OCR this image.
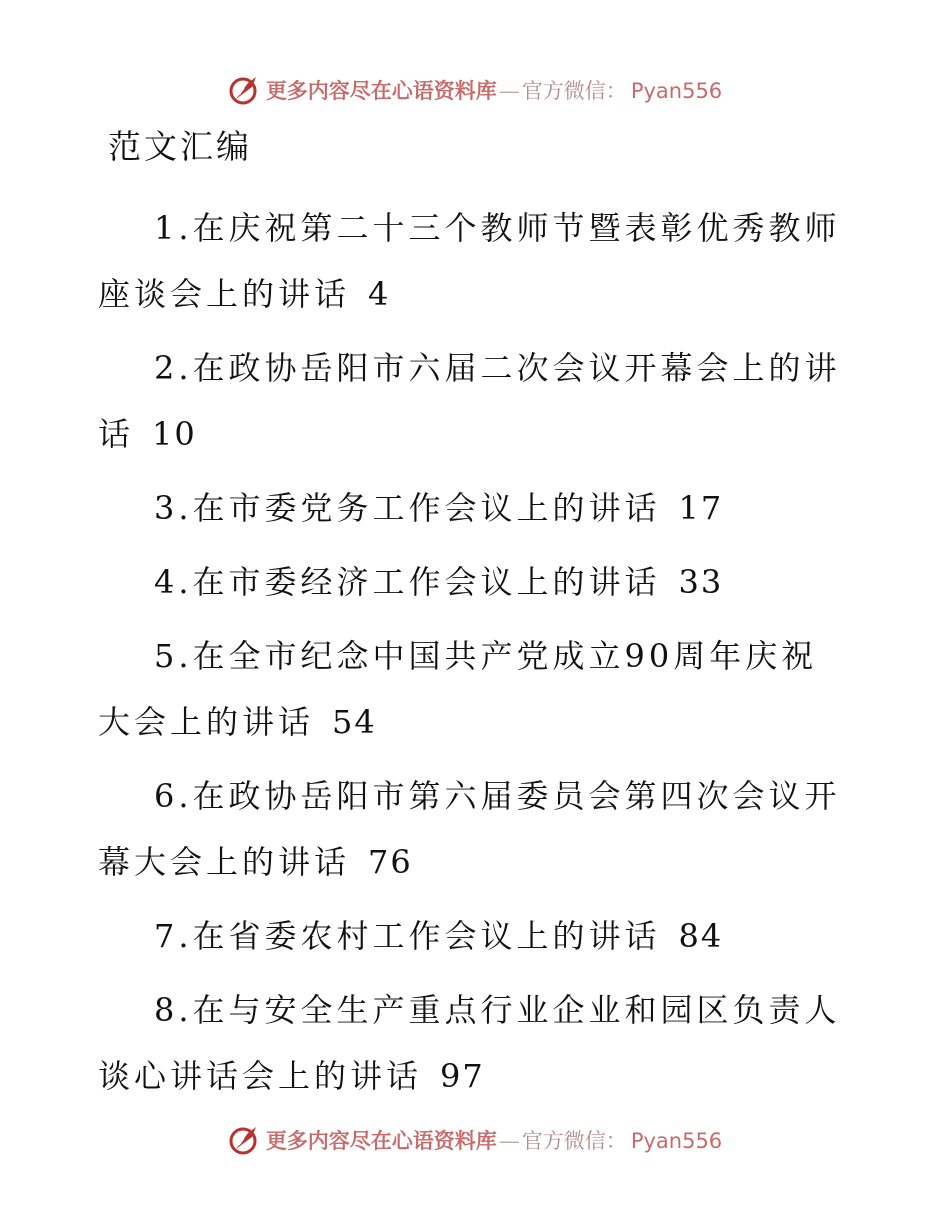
更多内容尽在心语资料库—官方微信： Pyan556
范文汇编
1.在庆祝第二十三个教师节暨表彰优秀教师座谈会上的讲话 4
2.在政协岳阳市六届二次会议开幕会上的讲话 10
3.在市委党务工作会议上的讲话 17
4.在市委经济工作会议上的讲话 33
5.在全市纪念中国共产党成立90周年庆祝大会上的讲话 54
6.在政协岳阳市第六届委员会第四次会议开幕大会上的讲话 76
7.在省委农村工作会议上的讲话 84
8.在与安全生产重点行业企业和园区负责人谈心讲话会上的讲话 97
更多内容尽在心语资料库—官方微信： Pyan556
